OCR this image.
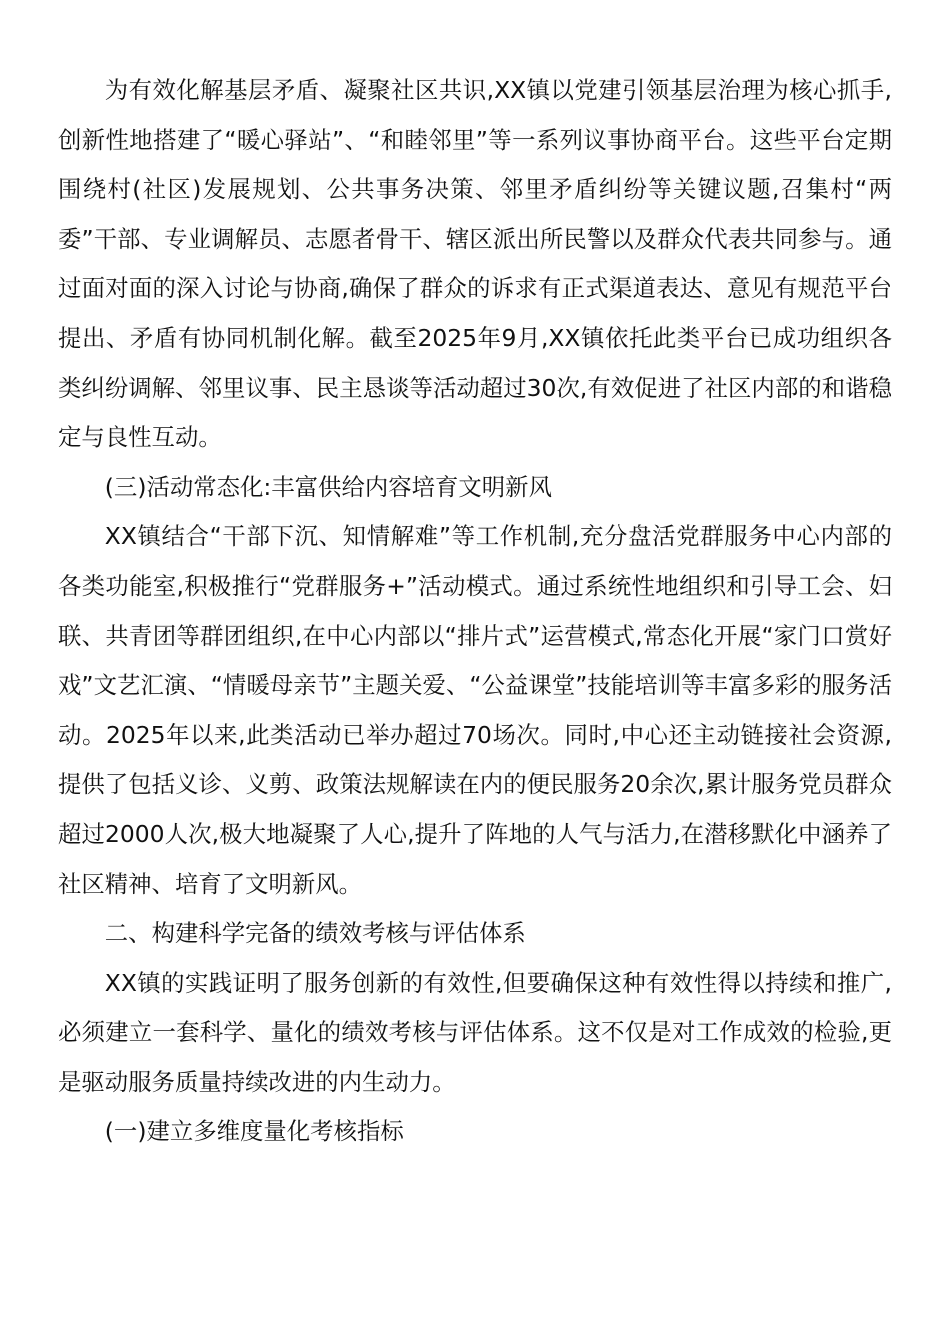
为有效化解基层矛盾、凝聚社区共识,XX镇以党建引领基层治理为核心抓手,创新性地搭建了“暖心驿站”、“和睦邻里”等一系列议事协商平台。这些平台定期围绕村(社区)发展规划、公共事务决策、邻里矛盾纠纷等关键议题,召集村“两委”干部、专业调解员、志愿者骨干、辖区派出所民警以及群众代表共同参与。通过面对面的深入讨论与协商,确保了群众的诉求有正式渠道表达、意见有规范平台提出、矛盾有协同机制化解。截至2025年9月,XX镇依托此类平台已成功组织各类纠纷调解、邻里议事、民主恳谈等活动超过30次,有效促进了社区内部的和谐稳定与良性互动。

(三)活动常态化:丰富供给内容培育文明新风

XX镇结合“干部下沉、知情解难”等工作机制,充分盘活党群服务中心内部的各类功能室,积极推行“党群服务+”活动模式。通过系统性地组织和引导工会、妇联、共青团等群团组织,在中心内部以“排片式”运营模式,常态化开展“家门口赏好戏”文艺汇演、“情暖母亲节”主题关爱、“公益课堂”技能培训等丰富多彩的服务活动。2025年以来,此类活动已举办超过70场次。同时,中心还主动链接社会资源,提供了包括义诊、义剪、政策法规解读在内的便民服务20余次,累计服务党员群众超过2000人次,极大地凝聚了人心,提升了阵地的人气与活力,在潜移默化中涵养了社区精神、培育了文明新风。

二、构建科学完备的绩效考核与评估体系

XX镇的实践证明了服务创新的有效性,但要确保这种有效性得以持续和推广,必须建立一套科学、量化的绩效考核与评估体系。这不仅是对工作成效的检验,更是驱动服务质量持续改进的内生动力。

(一)建立多维度量化考核指标
